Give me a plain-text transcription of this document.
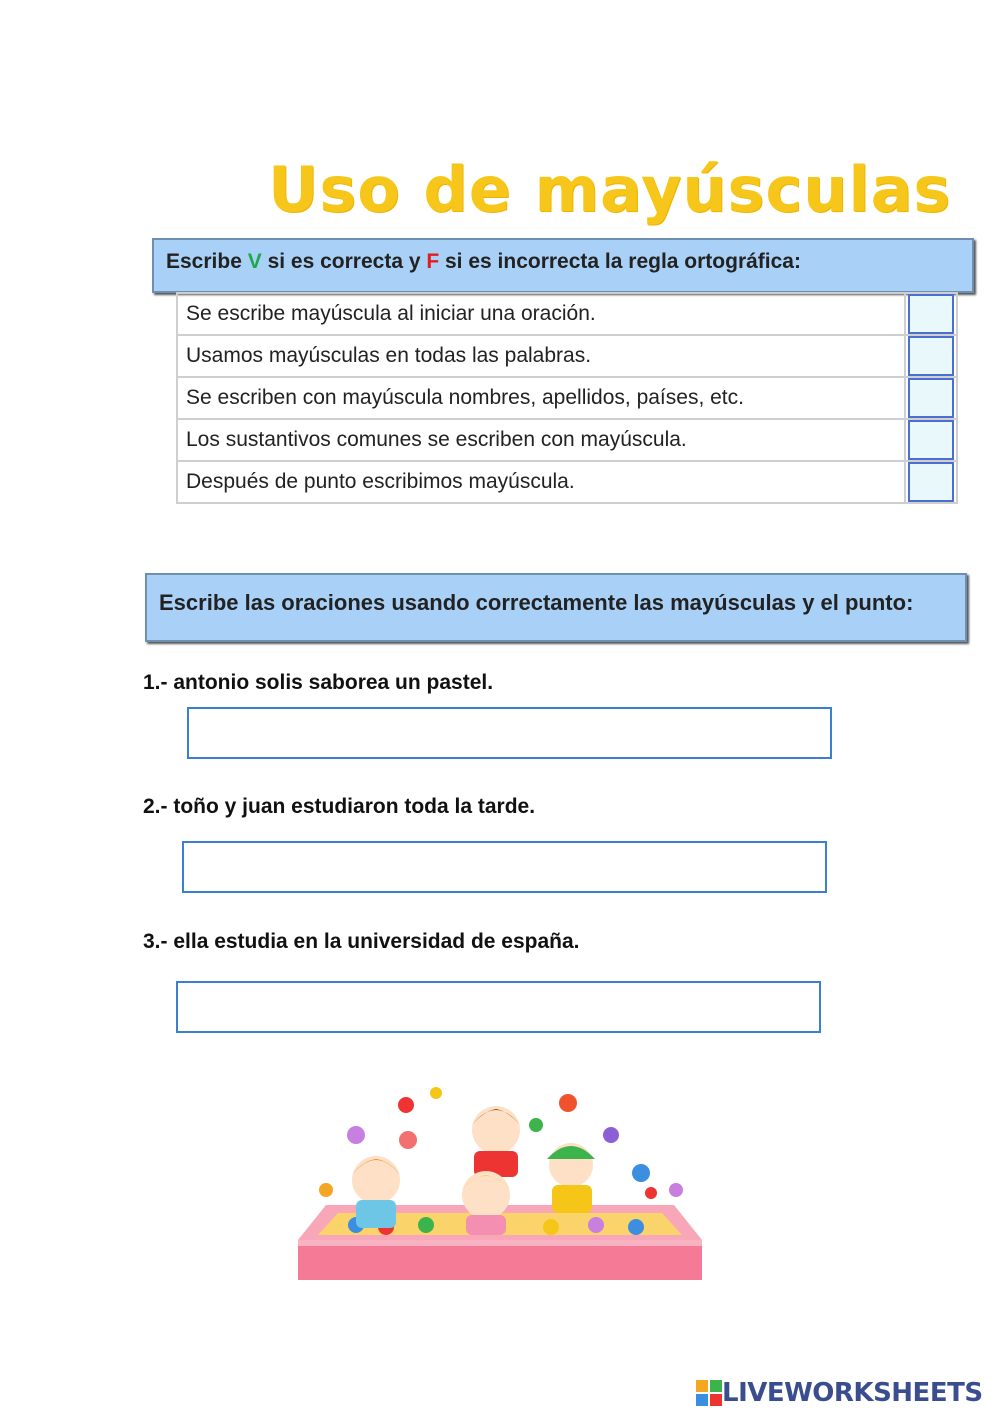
Uso de mayúsculas
Escribe V si es correcta y F si es incorrecta la regla ortográfica:
Se escribe mayúscula al iniciar una oración.	

Usamos mayúsculas en todas las palabras.	

Se escriben con mayúscula nombres, apellidos, países, etc.	

Los sustantivos comunes se escriben con mayúscula.	

Después de punto escribimos mayúscula.	
Escribe las oraciones usando correctamente las mayúsculas y el punto:
1.- antonio solis saborea un pastel.
2.- toño y juan estudiaron toda la tarde.
3.- ella estudia en la universidad de españa.
LIVEWORKSHEETS
